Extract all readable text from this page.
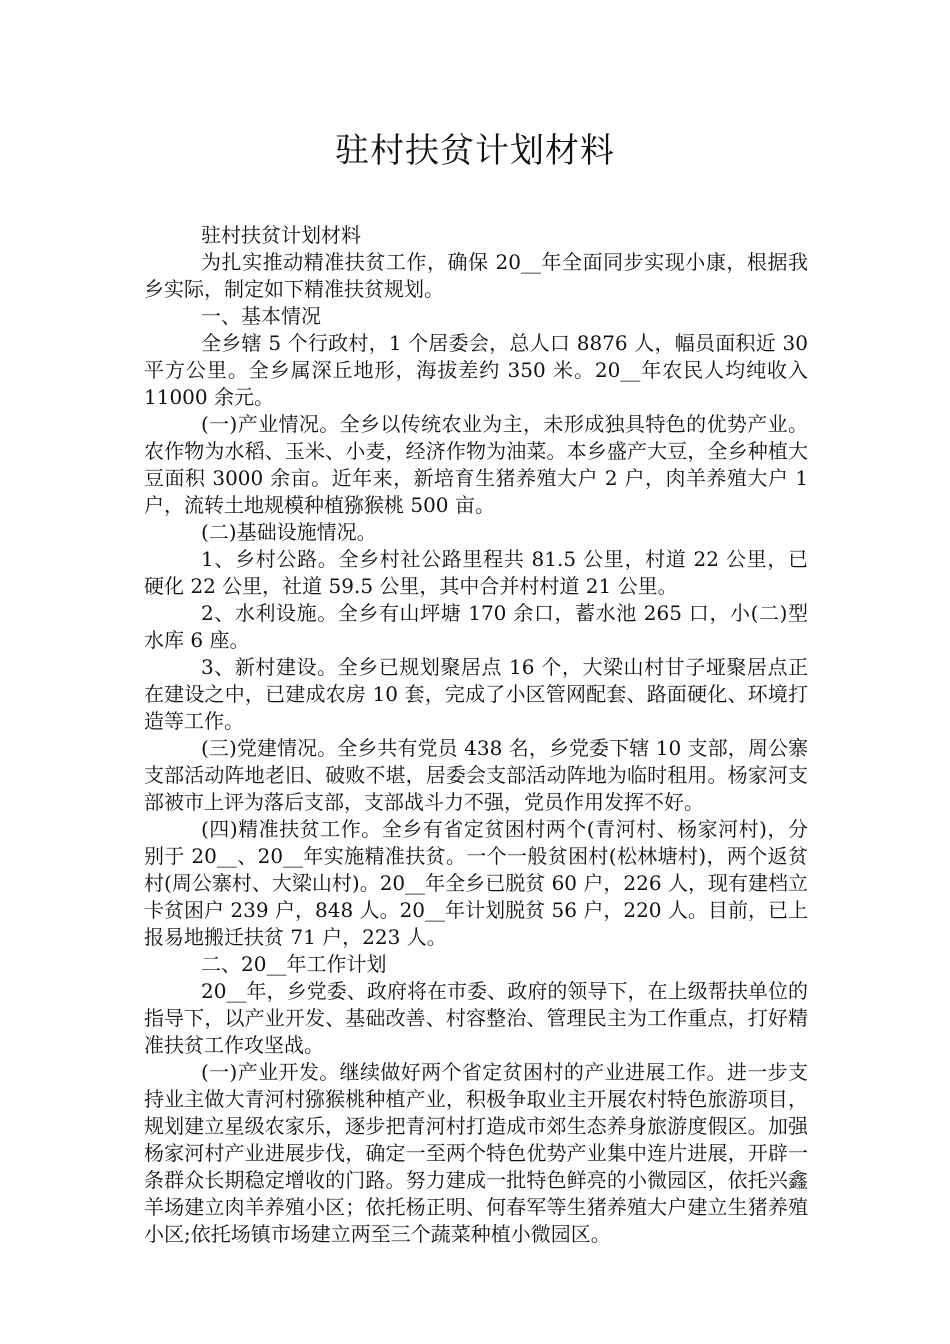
驻村扶贫计划材料

驻村扶贫计划材料

为扎实推动精准扶贫工作，确保 20__年全面同步实现小康，根据我乡实际，制定如下精准扶贫规划。

一、基本情况

全乡辖 5 个行政村，1 个居委会，总人口 8876 人，幅员面积近 30 平方公里。全乡属深丘地形，海拔差约 350 米。20__年农民人均纯收入 11000 余元。

(一)产业情况。全乡以传统农业为主，未形成独具特色的优势产业。农作物为水稻、玉米、小麦，经济作物为油菜。本乡盛产大豆，全乡种植大豆面积 3000 余亩。近年来，新培育生猪养殖大户 2 户，肉羊养殖大户 1 户，流转土地规模种植猕猴桃 500 亩。

(二)基础设施情况。

1、乡村公路。全乡村社公路里程共 81.5 公里，村道 22 公里，已硬化 22 公里，社道 59.5 公里，其中合并村村道 21 公里。

2、水利设施。全乡有山坪塘 170 余口，蓄水池 265 口，小(二)型水库 6 座。

3、新村建设。全乡已规划聚居点 16 个，大梁山村甘子垭聚居点正在建设之中，已建成农房 10 套，完成了小区管网配套、路面硬化、环境打造等工作。

(三)党建情况。全乡共有党员 438 名，乡党委下辖 10 支部，周公寨支部活动阵地老旧、破败不堪，居委会支部活动阵地为临时租用。杨家河支部被市上评为落后支部，支部战斗力不强，党员作用发挥不好。

(四)精准扶贫工作。全乡有省定贫困村两个(青河村、杨家河村)，分别于 20__、20__年实施精准扶贫。一个一般贫困村(松林塘村)，两个返贫村(周公寨村、大梁山村)。20__年全乡已脱贫 60 户，226 人，现有建档立卡贫困户 239 户，848 人。20__年计划脱贫 56 户，220 人。目前，已上报易地搬迁扶贫 71 户，223 人。

二、20__年工作计划

20__年，乡党委、政府将在市委、政府的领导下，在上级帮扶单位的指导下，以产业开发、基础改善、村容整治、管理民主为工作重点，打好精准扶贫工作攻坚战。

(一)产业开发。继续做好两个省定贫困村的产业进展工作。进一步支持业主做大青河村猕猴桃种植产业，积极争取业主开展农村特色旅游项目，规划建立星级农家乐，逐步把青河村打造成市郊生态养身旅游度假区。加强杨家河村产业进展步伐，确定一至两个特色优势产业集中连片进展，开辟一条群众长期稳定增收的门路。努力建成一批特色鲜亮的小微园区，依托兴鑫羊场建立肉羊养殖小区；依托杨正明、何春军等生猪养殖大户建立生猪养殖小区;依托场镇市场建立两至三个蔬菜种植小微园区。
